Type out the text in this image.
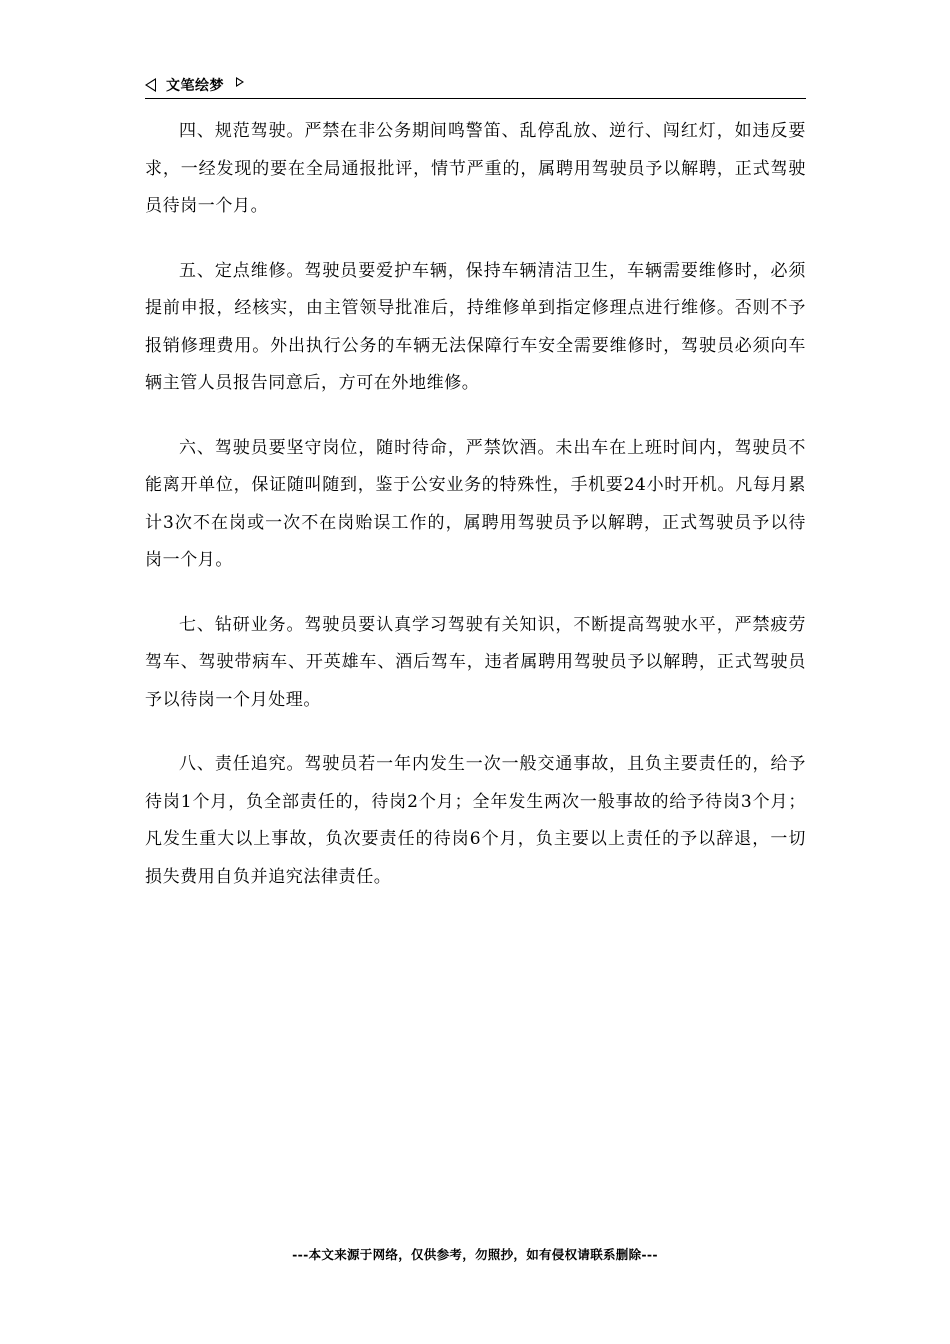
文笔绘梦

四、规范驾驶。严禁在非公务期间鸣警笛、乱停乱放、逆行、闯红灯，如违反要求，一经发现的要在全局通报批评，情节严重的，属聘用驾驶员予以解聘，正式驾驶员待岗一个月。

五、定点维修。驾驶员要爱护车辆，保持车辆清洁卫生，车辆需要维修时，必须提前申报，经核实，由主管领导批准后，持维修单到指定修理点进行维修。否则不予报销修理费用。外出执行公务的车辆无法保障行车安全需要维修时，驾驶员必须向车辆主管人员报告同意后，方可在外地维修。

六、驾驶员要坚守岗位，随时待命，严禁饮酒。未出车在上班时间内，驾驶员不能离开单位，保证随叫随到，鉴于公安业务的特殊性，手机要24小时开机。凡每月累计3次不在岗或一次不在岗贻误工作的，属聘用驾驶员予以解聘，正式驾驶员予以待岗一个月。

七、钻研业务。驾驶员要认真学习驾驶有关知识，不断提高驾驶水平，严禁疲劳驾车、驾驶带病车、开英雄车、酒后驾车，违者属聘用驾驶员予以解聘，正式驾驶员予以待岗一个月处理。

八、责任追究。驾驶员若一年内发生一次一般交通事故，且负主要责任的，给予待岗1个月，负全部责任的，待岗2个月；全年发生两次一般事故的给予待岗3个月；凡发生重大以上事故，负次要责任的待岗6个月，负主要以上责任的予以辞退，一切损失费用自负并追究法律责任。

---本文来源于网络，仅供参考，勿照抄，如有侵权请联系删除---
